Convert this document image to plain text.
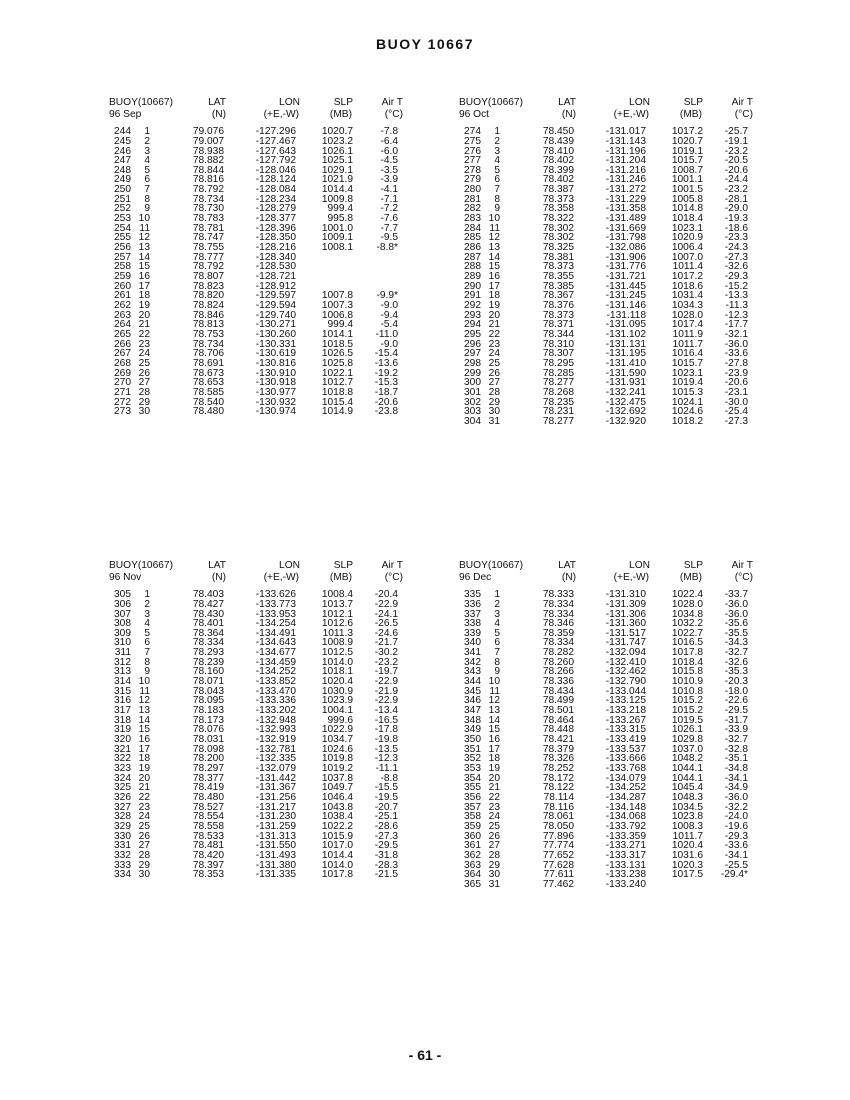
BUOY 10667
BUOY(10667)	LAT	LON	SLP	Air T
96 Sep	(N)	(+E,-W)	(MB)	(°C)
244	1	79.076	-127.296	1020.7	-7.8
245	2	79.007	-127.467	1023.2	-6.4
246	3	78.938	-127.643	1026.1	-6.0
247	4	78.882	-127.792	1025.1	-4.5
248	5	78.844	-128.046	1029.1	-3.5
249	6	78.816	-128.124	1021.9	-3.9
250	7	78.792	-128.084	1014.4	-4.1
251	8	78.734	-128.234	1009.8	-7.1
252	9	78.730	-128.279	999.4	-7.2
253 10	78.783	-128.377	995.8	-7.6
254 11	78.781	-128.396	1001.0	-7.7
255 12	78.747	-128.350	1009.1	-9.5
256 13	78.755	-128.216	1008.1	-8.8*
257 14	78.777	-128.340
258 15	78.792	-128.530
259 16	78.807	-128.721
260 17	78.823	-128.912
261 18	78.820	-129.597	1007.8	-9.9*
262 19	78.824	-129.594	1007.3	-9.0
263 20	78.846	-129.740	1006.8	-9.4
264 21	78.813	-130.271	999.4	-5.4
265 22	78.753	-130.260	1014.1	-11.0
266 23	78.734	-130.331	1018.5	-9.0
267 24	78.706	-130.619	1026.5	-15.4
268 25	78.691	-130.816	1025.8	-13.6
269 26	78.673	-130.910	1022.1	-19.2
270 27	78.653	-130.918	1012.7	-15.3
271 28	78.585	-130.977	1018.8	-18.7
272 29	78.540	-130.932	1015.4	-20.6
273 30	78.480	-130.974	1014.9	-23.8
BUOY(10667)	LAT	LON	SLP	Air T
96 Oct	(N)	(+E,-W)	(MB)	(°C)
274	1	78.450	-131.017	1017.2	-25.7
275	2	78.439	-131.143	1020.7	-19.1
276	3	78.410	-131.196	1019.1	-23.2
277	4	78.402	-131.204	1015.7	-20.5
278	5	78.399	-131.216	1008.7	-20.6
279	6	78.402	-131.246	1001.1	-24.4
280	7	78.387	-131.272	1001.5	-23.2
281	8	78.373	-131.229	1005.8	-28.1
282	9	78.358	-131.358	1014.8	-29.0
283 10	78.322	-131.489	1018.4	-19.3
284 11	78.302	-131.669	1023.1	-18.6
285 12	78.302	-131.798	1020.9	-23.3
286 13	78.325	-132.086	1006.4	-24.3
287 14	78.381	-131.906	1007.0	-27.3
288 15	78.373	-131.776	1011.4	-32.6
289 16	78.355	-131.721	1017.2	-29.3
290 17	78.385	-131.445	1018.6	-15.2
291 18	78.367	-131.245	1031.4	-13.3
292 19	78.376	-131.146	1034.3	-11.3
293 20	78.373	-131.118	1028.0	-12.3
294 21	78.371	-131.095	1017.4	-17.7
295 22	78.344	-131.102	1011.9	-32.1
296 23	78.310	-131.131	1011.7	-36.0
297 24	78.307	-131.195	1016.4	-33.6
298 25	78.295	-131.410	1015.7	-27.8
299 26	78.285	-131.590	1023.1	-23.9
300 27	78.277	-131.931	1019.4	-20.6
301 28	78.268	-132.241	1015.3	-23.1
302 29	78.235	-132.475	1024.1	-30.0
303 30	78.231	-132.692	1024.6	-25.4
304 31	78.277	-132.920	1018.2	-27.3
BUOY(10667)	LAT	LON	SLP	Air T
96 Nov	(N)	(+E,-W)	(MB)	(°C)
305	1	78.403	-133.626	1008.4	-20.4
306	2	78.427	-133.773	1013.7	-22.9
307	3	78.430	-133.953	1012.1	-24.1
308	4	78.401	-134.254	1012.6	-26.5
309	5	78.364	-134.491	1011.3	-24.6
310	6	78.334	-134.643	1008.9	-21.7
311	7	78.293	-134.677	1012.5	-30.2
312	8	78.239	-134.459	1014.0	-23.2
313	9	78.160	-134.252	1018.1	-19.7
314 10	78.071	-133.852	1020.4	-22.9
315 11	78.043	-133.470	1030.9	-21.9
316 12	78.095	-133.336	1023.9	-22.9
317 13	78.183	-133.202	1004.1	-13.4
318 14	78.173	-132.948	999.6	-16.5
319 15	78.076	-132.993	1022.9	-17.8
320 16	78.031	-132.919	1034.7	-19.8
321 17	78.098	-132.781	1024.6	-13.5
322 18	78.200	-132.335	1019.8	-12.3
323 19	78.297	-132.079	1019.2	-11.1
324 20	78.377	-131.442	1037.8	-8.8
325 21	78.419	-131.367	1049.7	-15.5
326 22	78.480	-131.256	1046.4	-19.5
327 23	78.527	-131.217	1043.8	-20.7
328 24	78.554	-131.230	1038.4	-25.1
329 25	78.558	-131.259	1022.2	-28.6
330 26	78.533	-131.313	1015.9	-27.3
331 27	78.481	-131.550	1017.0	-29.5
332 28	78.420	-131.493	1014.4	-31.8
333 29	78.397	-131.380	1014.0	-28.3
334 30	78.353	-131.335	1017.8	-21.5
BUOY(10667)	LAT	LON	SLP	Air T
96 Dec	(N)	(+E,-W)	(MB)	(°C)
335	1	78.333	-131.310	1022.4	-33.7
336	2	78.334	-131.309	1028.0	-36.0
337	3	78.334	-131.306	1034.8	-36.0
338	4	78.346	-131.360	1032.2	-35.6
339	5	78.359	-131.517	1022.7	-35.5
340	6	78.334	-131.747	1016.5	-34.3
341	7	78.282	-132.094	1017.8	-32.7
342	8	78.260	-132.410	1018.4	-32.6
343	9	78.266	-132.462	1015.8	-35.3
344 10	78.336	-132.790	1010.9	-20.3
345 11	78.434	-133.044	1010.8	-18.0
346 12	78.499	-133.125	1015.2	-22.6
347 13	78.501	-133.218	1015.2	-29.5
348 14	78.464	-133.267	1019.5	-31.7
349 15	78.448	-133.315	1026.1	-33.9
350 16	78.421	-133.419	1029.8	-32.7
351 17	78.379	-133.537	1037.0	-32.8
352 18	78.326	-133.666	1048.2	-35.1
353 19	78.252	-133.768	1044.1	-34.8
354 20	78.172	-134.079	1044.1	-34.1
355 21	78.122	-134.252	1045.4	-34.9
356 22	78.114	-134.287	1048.3	-36.0
357 23	78.116	-134.148	1034.5	-32.2
358 24	78.061	-134.068	1023.8	-24.0
359 25	78.050	-133.792	1008.3	-19.6
360 26	77.896	-133.359	1011.7	-29.3
361 27	77.774	-133.271	1020.4	-33.6
362 28	77.652	-133.317	1031.6	-34.1
363 29	77.628	-133.131	1020.3	-25.5
364 30	77.611	-133.238	1017.5	-29.4*
365 31	77.462	-133.240
- 61 -
